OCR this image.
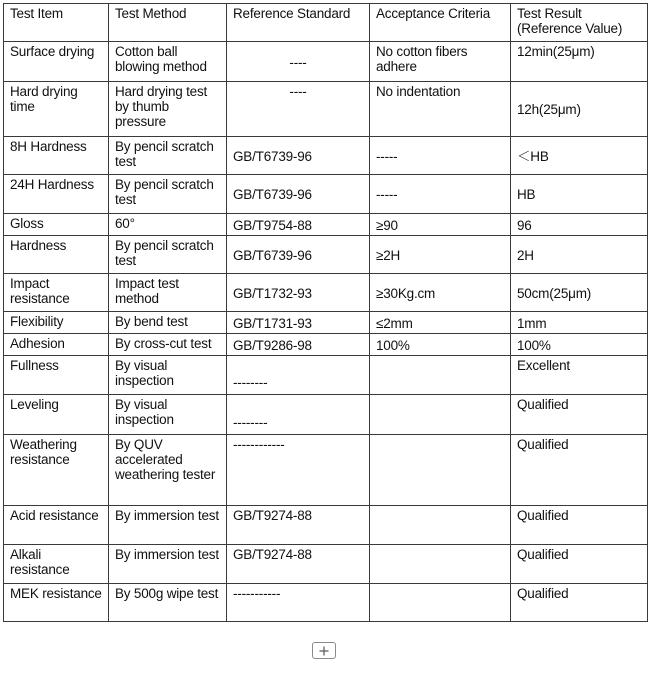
Test Item	Test Method	Reference Standard	Acceptance Criteria	Test Result
(Reference Value)
Surface drying	Cotton ball blowing method	----	No cotton fibers adhere	12min(25μm)
Hard drying time	Hard drying test by thumb pressure	----	No indentation	12h(25μm)
8H Hardness	By pencil scratch test	GB/T6739-96	-----	＜HB
24H Hardness	By pencil scratch test	GB/T6739-96	-----	HB
Gloss	60°	GB/T9754-88	≥90	96
Hardness	By pencil scratch test	GB/T6739-96	≥2H	2H
Impact resistance	Impact test method	GB/T1732-93	≥30Kg.cm	50cm(25μm)
Flexibility	By bend test	GB/T1731-93	≤2mm	1mm
Adhesion	By cross-cut test	GB/T9286-98	100%	100%
Fullness	By visual inspection	--------		Excellent
Leveling	By visual inspection	--------		Qualified
Weathering resistance	By QUV accelerated weathering tester	------------		Qualified
Acid resistance	By immersion test	GB/T9274-88		Qualified
Alkali resistance	By immersion test	GB/T9274-88		Qualified
MEK resistance	By 500g wipe test	-----------		Qualified
